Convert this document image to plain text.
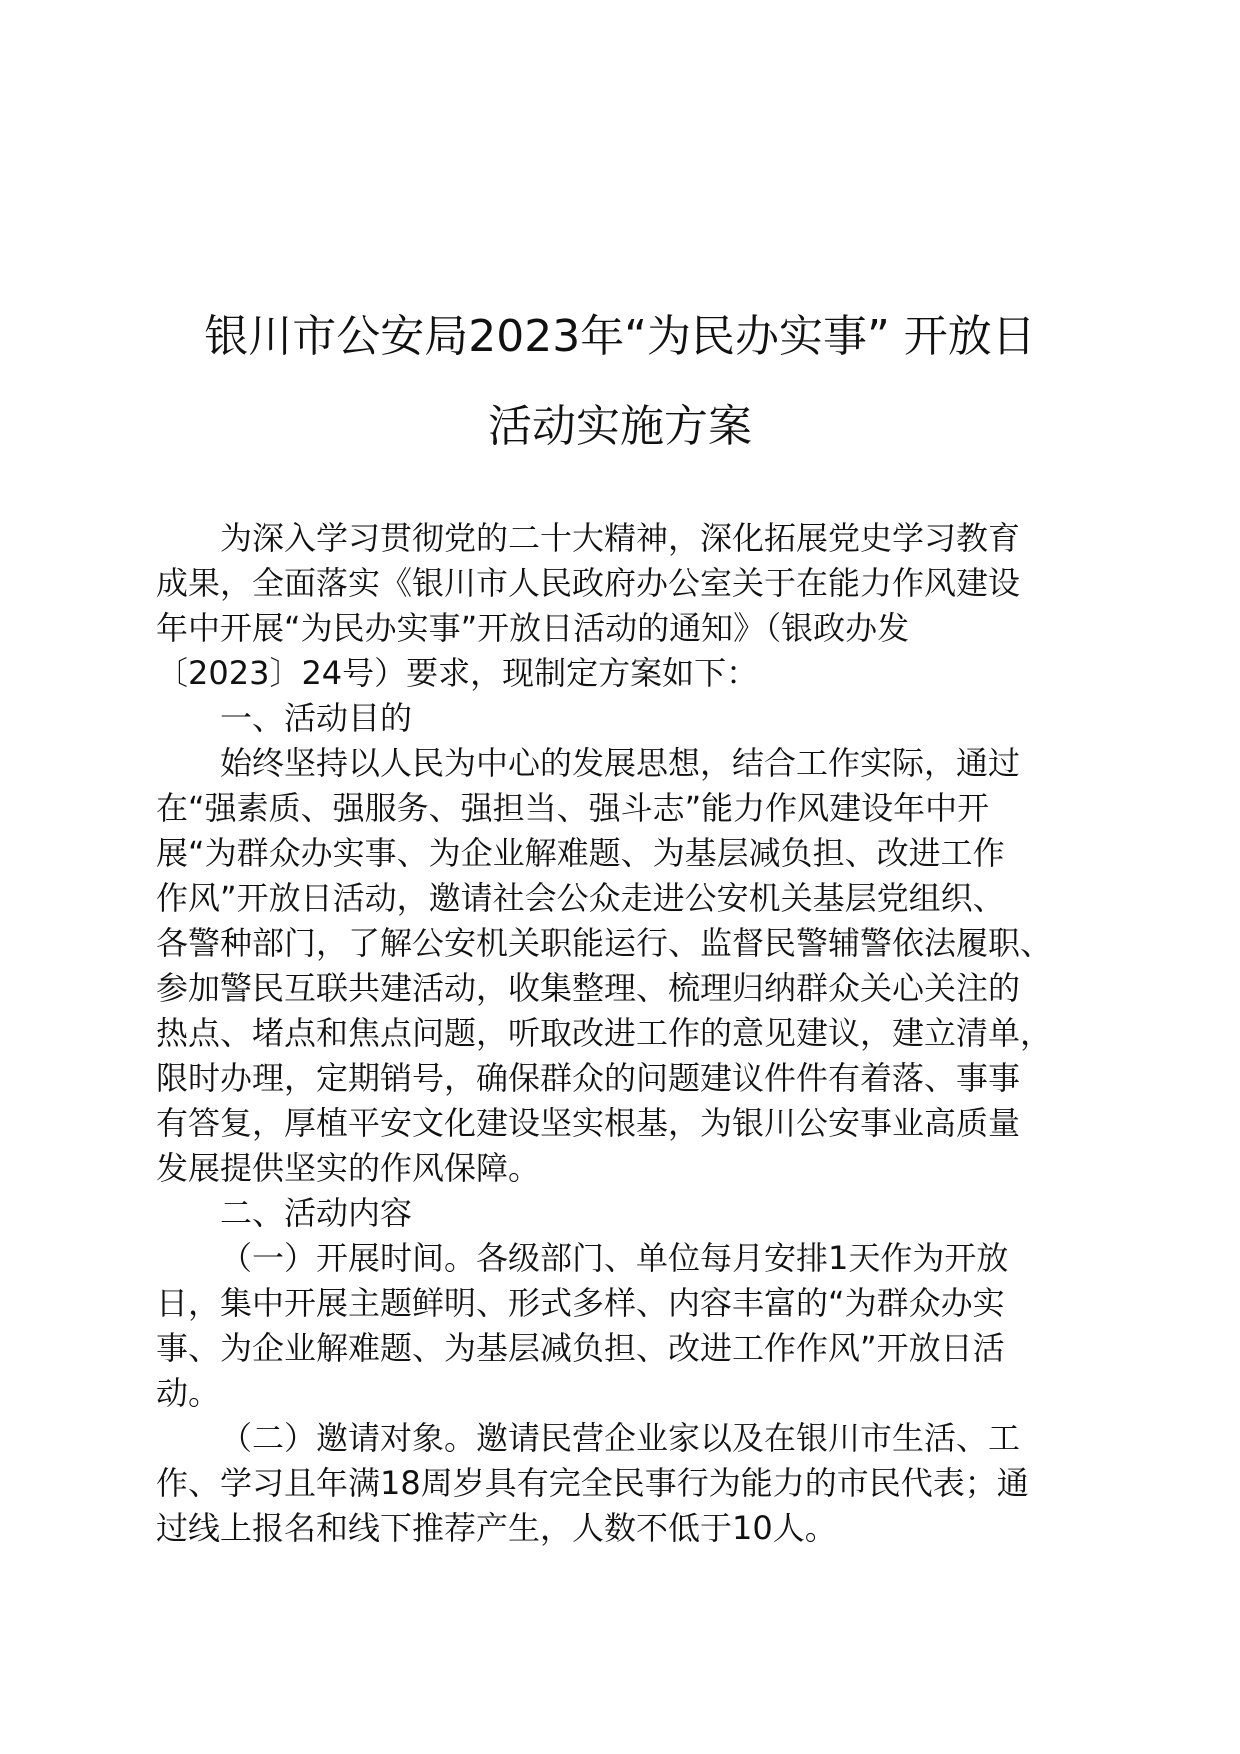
银川市公安局2023年“为民办实事” 开放日
活动实施方案
为深入学习贯彻党的二十大精神，深化拓展党史学习教育
成果，全面落实《银川市人民政府办公室关于在能力作风建设
年中开展“为民办实事”开放日活动的通知》（银政办发
〔2023〕24号）要求，现制定方案如下：
一、活动目的
始终坚持以人民为中心的发展思想，结合工作实际，通过
在“强素质、强服务、强担当、强斗志”能力作风建设年中开
展“为群众办实事、为企业解难题、为基层减负担、改进工作
作风”开放日活动，邀请社会公众走进公安机关基层党组织、
各警种部门，了解公安机关职能运行、监督民警辅警依法履职、
参加警民互联共建活动，收集整理、梳理归纳群众关心关注的
热点、堵点和焦点问题，听取改进工作的意见建议，建立清单，
限时办理，定期销号，确保群众的问题建议件件有着落、事事
有答复，厚植平安文化建设坚实根基，为银川公安事业高质量
发展提供坚实的作风保障。
二、活动内容
（一）开展时间。各级部门、单位每月安排1天作为开放
日，集中开展主题鲜明、形式多样、内容丰富的“为群众办实
事、为企业解难题、为基层减负担、改进工作作风”开放日活
动。
（二）邀请对象。邀请民营企业家以及在银川市生活、工
作、学习且年满18周岁具有完全民事行为能力的市民代表；通
过线上报名和线下推荐产生，人数不低于10人。
